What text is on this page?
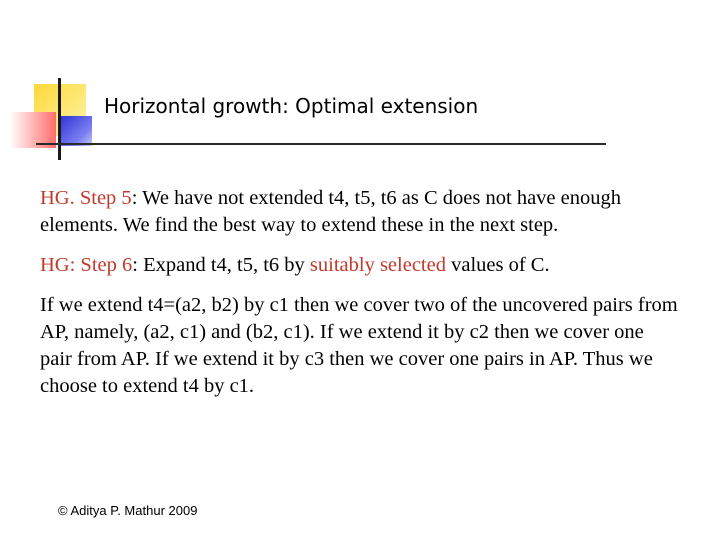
Horizontal growth: Optimal extension

HG. Step 5: We have not extended t4, t5, t6 as C does not have enough elements. We find the best way to extend these in the next step.

HG: Step 6: Expand t4, t5, t6 by suitably selected values of C.

If we extend t4=(a2, b2) by c1 then we cover two of the uncovered pairs from AP, namely, (a2, c1) and (b2, c1). If we extend it by c2 then we cover one pair from AP. If we extend it by c3 then we cover one pairs in AP. Thus we choose to extend t4 by c1.

© Aditya P. Mathur 2009
